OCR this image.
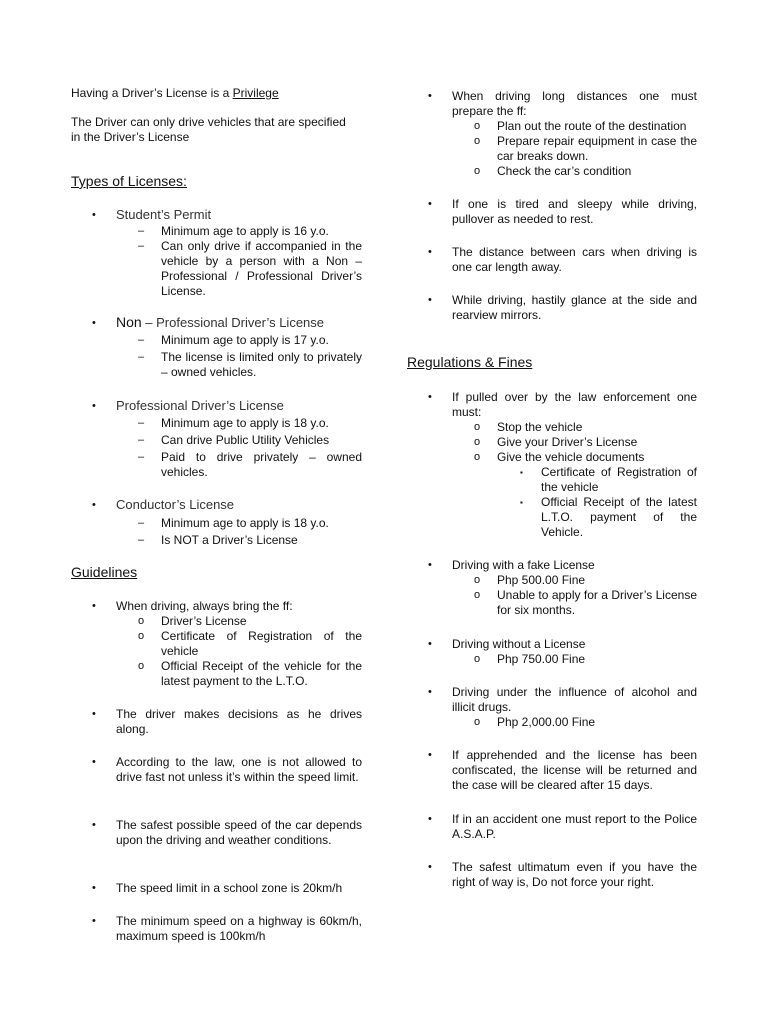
Having a Driver’s License is a Privilege
The Driver can only drive vehicles that are specified
in the Driver’s License
Types of Licenses:
• Student’s Permit
– Minimum age to apply is 16 y.o.
– Can only drive if accompanied in the vehicle by a person with a Non – Professional / Professional Driver’s License.
• Non – Professional Driver’s License
– Minimum age to apply is 17 y.o.
– The license is limited only to privately – owned vehicles.
• Professional Driver’s License
– Minimum age to apply is 18 y.o.
– Can drive Public Utility Vehicles
– Paid to drive privately – owned vehicles.
• Conductor’s License
– Minimum age to apply is 18 y.o.
– Is NOT a Driver’s License
Guidelines
• When driving, always bring the ff:
o Driver’s License
o Certificate of Registration of the vehicle
o Official Receipt of the vehicle for the latest payment to the L.T.O.
• The driver makes decisions as he drives along.
• According to the law, one is not allowed to drive fast not unless it’s within the speed limit.
• The safest possible speed of the car depends upon the driving and weather conditions.
• The speed limit in a school zone is 20km/h
• The minimum speed on a highway is 60km/h, maximum speed is 100km/h
• When driving long distances one must prepare the ff:
o Plan out the route of the destination
o Prepare repair equipment in case the car breaks down.
o Check the car’s condition
• If one is tired and sleepy while driving, pullover as needed to rest.
• The distance between cars when driving is one car length away.
• While driving, hastily glance at the side and rearview mirrors.
Regulations & Fines
• If pulled over by the law enforcement one must:
o Stop the vehicle
o Give your Driver’s License
o Give the vehicle documents
▪ Certificate of Registration of the vehicle
▪ Official Receipt of the latest L.T.O. payment of the Vehicle.
• Driving with a fake License
o Php 500.00 Fine
o Unable to apply for a Driver’s License for six months.
• Driving without a License
o Php 750.00 Fine
• Driving under the influence of alcohol and illicit drugs.
o Php 2,000.00 Fine
• If apprehended and the license has been confiscated, the license will be returned and the case will be cleared after 15 days.
• If in an accident one must report to the Police A.S.A.P.
• The safest ultimatum even if you have the right of way is, Do not force your right.
